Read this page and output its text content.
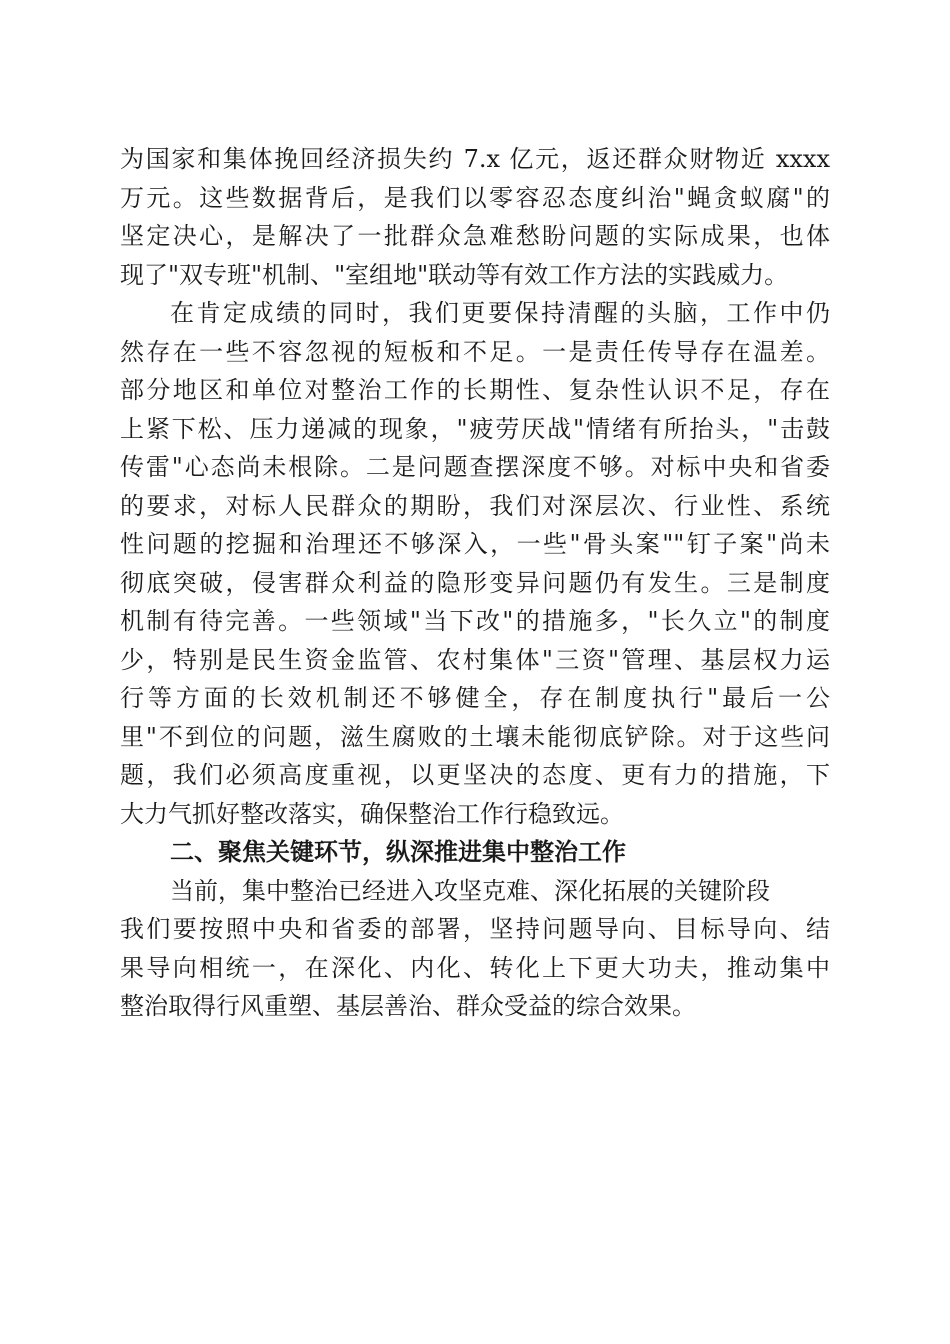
为国家和集体挽回经济损失约 7.x 亿元，返还群众财物近 xxxx
万元。这些数据背后，是我们以零容忍态度纠治"蝇贪蚁腐"的
坚定决心，是解决了一批群众急难愁盼问题的实际成果，也体
现了"双专班"机制、"室组地"联动等有效工作方法的实践威力。
在肯定成绩的同时，我们更要保持清醒的头脑，工作中仍
然存在一些不容忽视的短板和不足。一是责任传导存在温差。
部分地区和单位对整治工作的长期性、复杂性认识不足，存在
上紧下松、压力递减的现象，"疲劳厌战"情绪有所抬头，"击鼓
传雷"心态尚未根除。二是问题查摆深度不够。对标中央和省委
的要求，对标人民群众的期盼，我们对深层次、行业性、系统
性问题的挖掘和治理还不够深入，一些"骨头案""钉子案"尚未
彻底突破，侵害群众利益的隐形变异问题仍有发生。三是制度
机制有待完善。一些领域"当下改"的措施多，"长久立"的制度
少，特别是民生资金监管、农村集体"三资"管理、基层权力运
行等方面的长效机制还不够健全，存在制度执行"最后一公
里"不到位的问题，滋生腐败的土壤未能彻底铲除。对于这些问
题，我们必须高度重视，以更坚决的态度、更有力的措施，下
大力气抓好整改落实，确保整治工作行稳致远。
二、聚焦关键环节，纵深推进集中整治工作
当前，集中整治已经进入攻坚克难、深化拓展的关键阶段
我们要按照中央和省委的部署，坚持问题导向、目标导向、结
果导向相统一，在深化、内化、转化上下更大功夫，推动集中
整治取得行风重塑、基层善治、群众受益的综合效果。
